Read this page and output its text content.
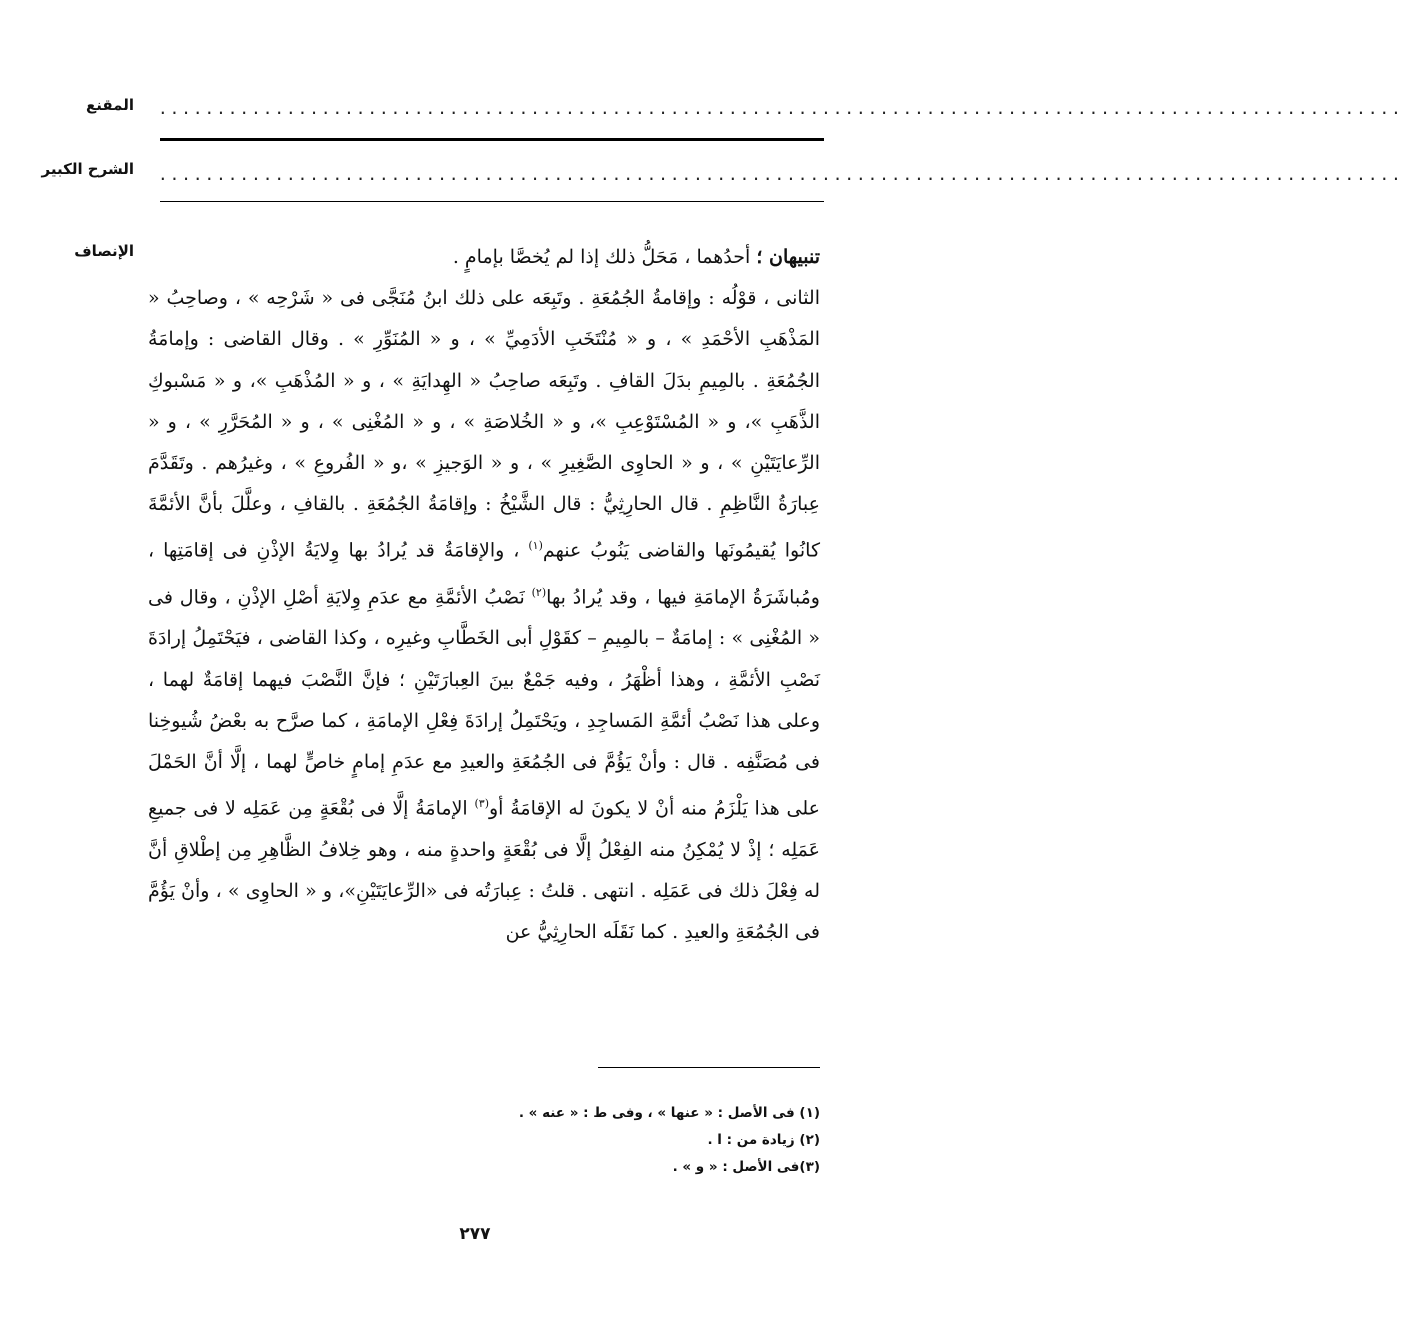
المقنع ...........................................................................................................
الشرح الكبير ...........................................................................................................
الإنصاف	تنبيهان ؛ أحدُهما ، مَحَلُّ ذلك إذا لم يُخصَّا بإمامٍ .

الثانى ، قوْلُه : وإقامةُ الجُمُعَةِ . وتَبِعَه على ذلك ابنُ مُنَجَّى فى « شَرْحِه » ، وصاحِبُ « المَذْهَبِ الأحْمَدِ » ، و « مُنْتَخَبِ الأدَمِيِّ » ، و « المُنَوِّرِ » . وقال القاضى : وإمامَةُ الجُمُعَةِ . بالمِيمِ بدَلَ القافِ . وتَبِعَه صاحِبُ « الهِدايَةِ » ، و « المُذْهَبِ »، و « مَسْبوكِ الذَّهَبِ »، و « المُسْتَوْعِبِ »، و « الخُلاصَةِ » ، و « المُغْنِى » ، و « المُحَرَّرِ » ، و « الرِّعايَتَيْنِ » ، و « الحاوِى الصَّغِيرِ » ، و « الوَجيزِ » ،و « الفُروعِ » ، وغيرُهم . وتَقَدَّمَ عِبارَةُ النَّاظِمِ . قال الحارِثِيُّ : قال الشَّيْخُ : وإقامَةُ الجُمُعَةِ . بالقافِ ، وعلَّلَ بأنَّ الأئمَّةَ كانُوا يُقيمُونَها والقاضى يَنُوبُ عنهم$^{(١)}$ ، والإقامَةُ قد يُرادُ بها وِلايَةُ الإذْنِ فى إقامَتِها ، ومُباشَرَةُ الإمامَةِ فيها ، وقد يُرادُ بها$^{(٢)}$ نَصْبُ الأئمَّةِ مع عدَمِ وِلايَةِ أصْلِ الإذْنِ ، وقال فى « المُغْنِى » : إمامَةٌ – بالمِيمِ – كقَوْلِ أبى الخَطَّابِ وغيرِه ، وكذا القاضى ، فيَحْتَمِلُ إرادَةَ نَصْبِ الأئمَّةِ ، وهذا أظْهَرُ ، وفيه جَمْعٌ بينَ العِبارَتَيْنِ ؛ فإنَّ النَّصْبَ فيهما إقامَةٌ لهما ، وعلى هذا نَصْبُ أئمَّةِ المَساجِدِ ، ويَحْتَمِلُ إرادَةَ فِعْلِ الإمامَةِ ، كما صرَّح به بعْضُ شُيوخِنا فى مُصَنَّفِه . قال : وأنْ يَؤُمَّ فى الجُمُعَةِ والعيدِ مع عدَمِ إمامٍ خاصٍّ لهما ، إلَّا أنَّ الحَمْلَ على هذا يَلْزَمُ منه أنْ لا يكونَ له الإقامَةُ أو$^{(٣)}$ الإمامَةُ إلَّا فى بُقْعَةٍ مِن عَمَلِه لا فى جميعِ عَمَلِه ؛ إذْ لا يُمْكِنُ منه الفِعْلُ إلَّا فى بُقْعَةٍ واحدةٍ منه ، وهو خِلافُ الظَّاهِرِ مِن إطْلاقِ أنَّ له فِعْلَ ذلك فى عَمَلِه . انتهى . قلتُ : عِبارَتُه فى «الرِّعايَتَيْنِ»، و « الحاوِى » ، وأنْ يَؤُمَّ فى الجُمُعَةِ والعيدِ . كما نَقَلَه الحارِثِيُّ عن

(١) فى الأصل : « عنها » ، وفى ط : « عنه » .
(٢) زيادة من : ا .
(٣)فى الأصل : « و » .
٢٧٧
